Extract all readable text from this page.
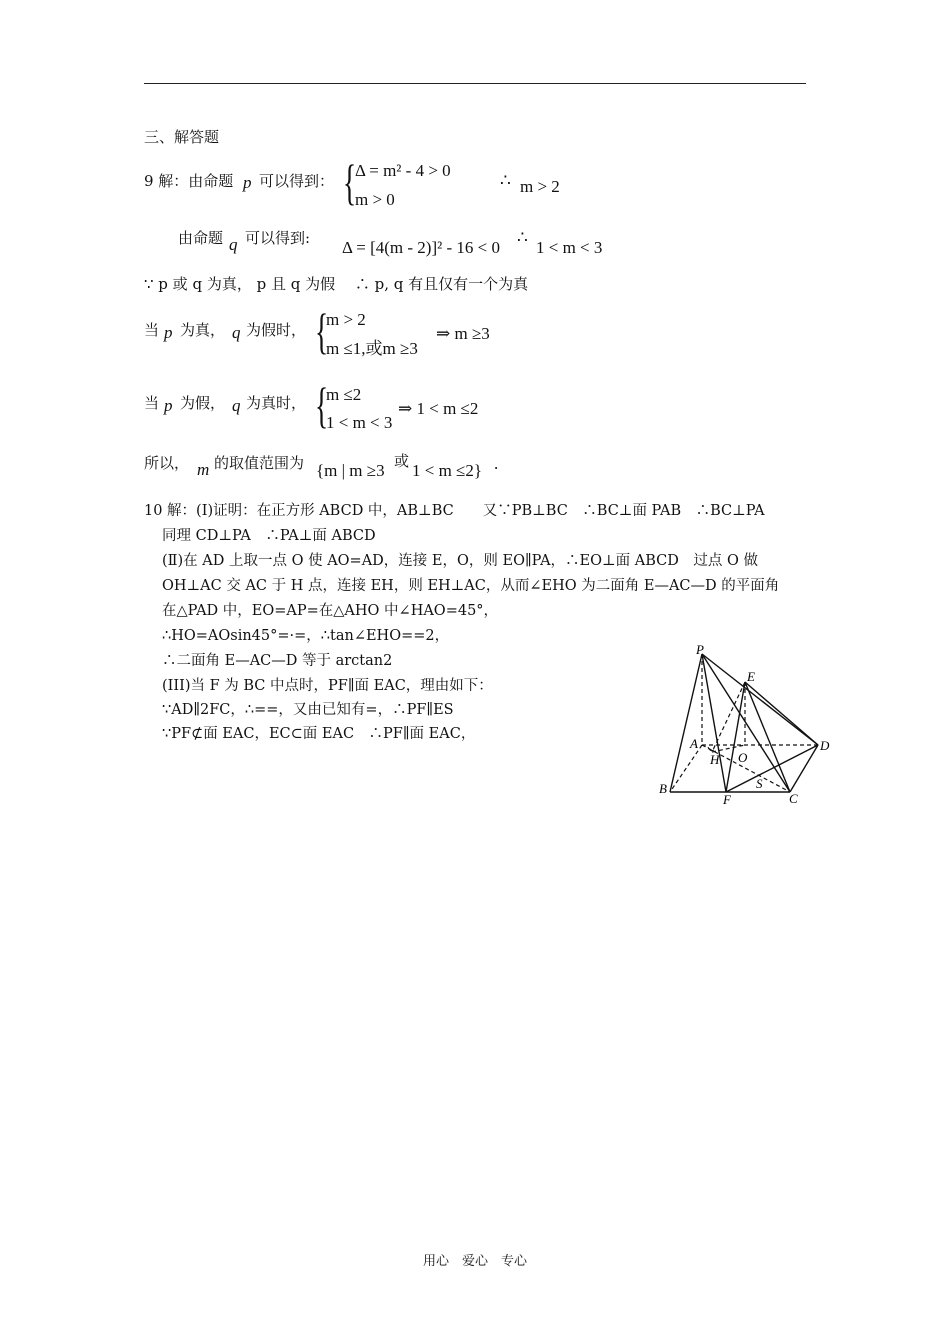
三、解答题
9 解：由命题 p 可以得到： {
Δ = m² - 4 > 0
m > 0
∴ m > 2
由命题 q 可以得到: Δ = [4(m - 2)]² - 16 < 0
∴
1 < m < 3
∵ p 或 q 为真， p 且 q 为假　 ∴ p, q 有且仅有一个为真
当 p 为真， q 为假时， {
m > 2
m ≤1,或m ≥3
⇒ m ≥3
当 p 为假， q 为真时， {
m ≤2
1 < m < 3
⇒ 1 < m ≤2
所以， m 的取值范围为 {m | m ≥3 或 1 < m ≤2} .
10 解：(Ⅰ)证明：在正方形 ABCD 中，AB⊥BC　　又∵PB⊥BC　∴BC⊥面 PAB　∴BC⊥PA
同理 CD⊥PA　∴PA⊥面 ABCD
(Ⅱ)在 AD 上取一点 O 使 AO=AD，连接 E，O，则 EO∥PA，∴EO⊥面 ABCD　过点 O 做
OH⊥AC 交 AC 于 H 点，连接 EH，则 EH⊥AC，从而∠EHO 为二面角 E—AC—D 的平面角
在△PAD 中，EO=AP=在△AHO 中∠HAO=45°，
∴HO=AOsin45°=·=，∴tan∠EHO==2，
∴二面角 E—AC—D 等于 arctan2
(III)当 F 为 BC 中点时，PF∥面 EAC，理由如下：
∵AD∥2FC，∴==，又由已知有=，∴PF∥ES
∵PF⊄面 EAC，EC⊂面 EAC　∴PF∥面 EAC，
P
E
A
O
H
D
B
F
S
C
用心　爱心　专心
